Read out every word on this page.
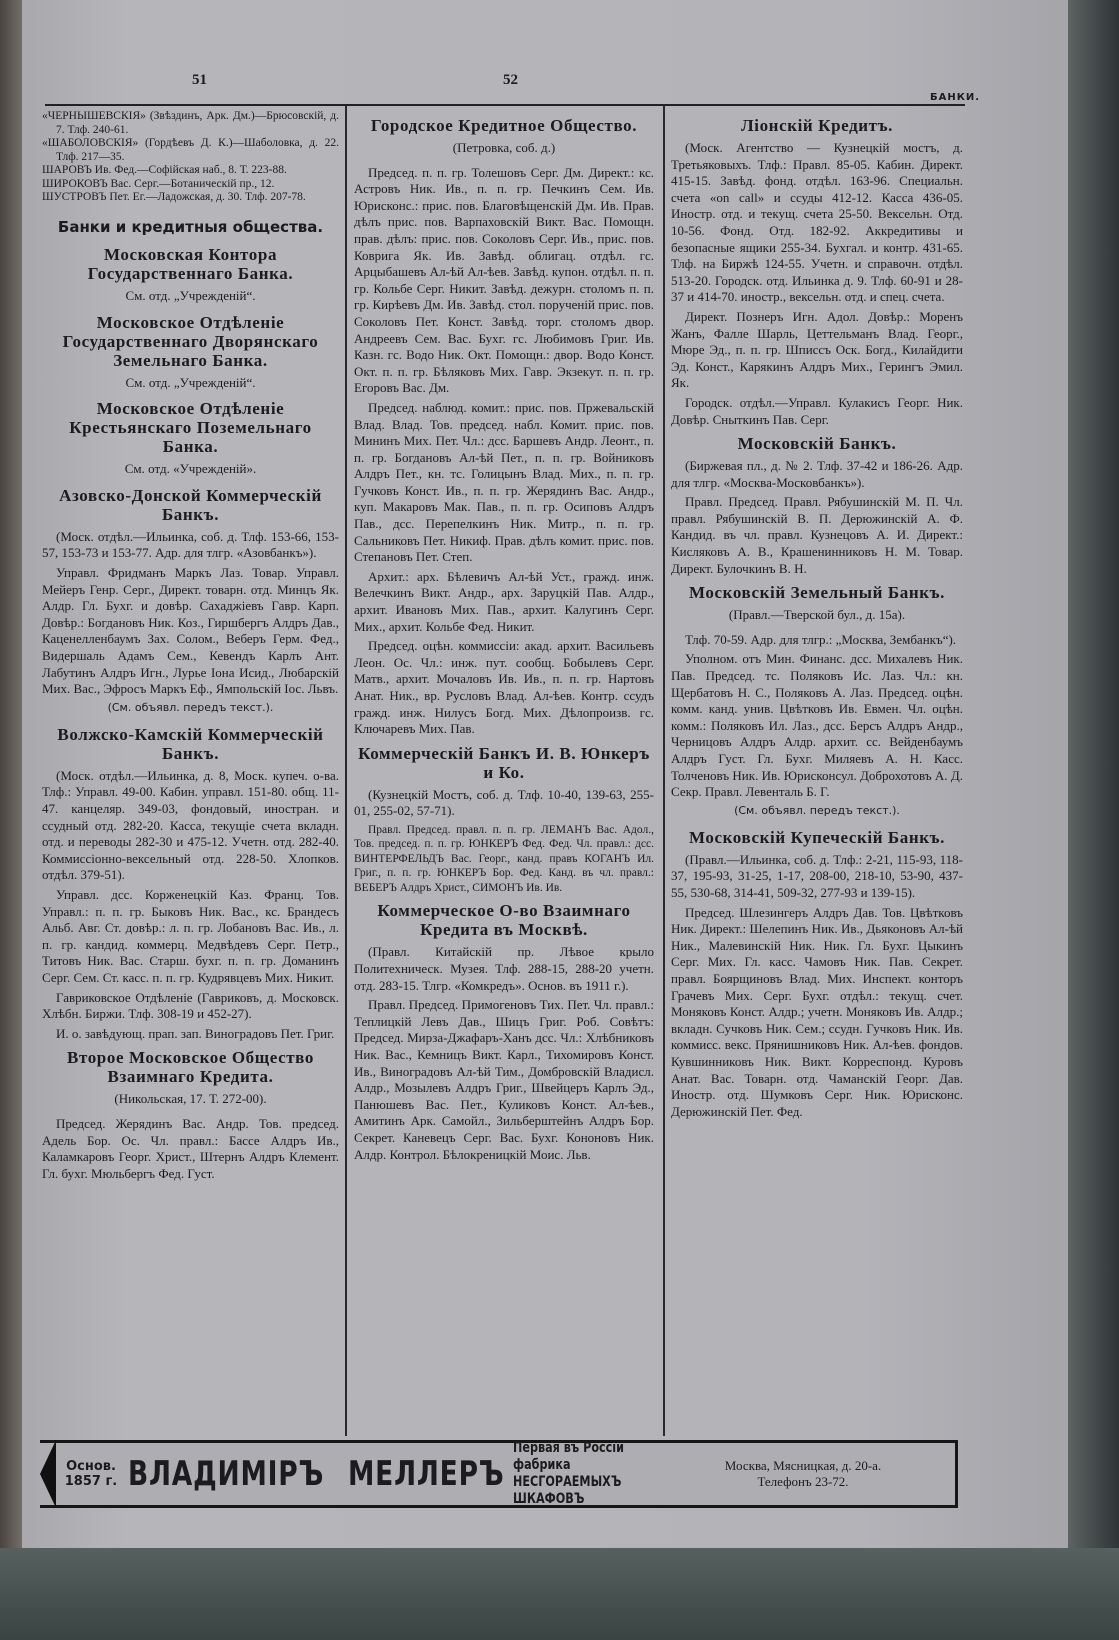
51	52
БАНКИ.

«ЧЕРНЫШЕВСКІЯ» (Звѣздинъ, Арк. Дм.)—Брюсовскій, д. 7. Тлф. 240-61.

«ШАБОЛОВСКІЯ» (Гордѣевъ Д. К.)—Шаболовка, д. 22. Тлф. 217—35.

ШАРОВЪ Ив. Фед.—Софійская наб., 8. Т. 223-88.

ШИРОКОВЪ Вас. Серг.—Ботаническій пр., 12.

ШУСТРОВЪ Пет. Ег.—Ладожская, д. 30. Тлф. 207-78.

Банки и кредитныя общества.
Московская Контора Государственнаго Банка.

См. отд. „Учрежденій“.

Московское Отдѣленіе Государственнаго Дворянскаго Земельнаго Банка.

См. отд. „Учрежденій“.

Московское Отдѣленіе Крестьянскаго Поземельнаго Банка.

См. отд. «Учрежденій».

Азовско-Донской Коммерческій Банкъ.

(Моск. отдѣл.—Ильинка, соб. д. Тлф. 153-66, 153-57, 153-73 и 153-77. Адр. для тлгр. «Азовбанкъ»).

Управл. Фридманъ Маркъ Лаз. Товар. Управл. Мейеръ Генр. Серг., Директ. товарн. отд. Минцъ Як. Алдр. Гл. Бухг. и довѣр. Сахаджіевъ Гавр. Карп. Довѣр.: Богдановъ Ник. Коз., Гиршбергъ Алдръ Дав., Каценелленбаумъ Зах. Солом., Веберъ Герм. Фед., Видершаль Адамъ Сем., Кевендъ Карлъ Ант. Лабутинъ Алдръ Игн., Лурье Іона Исид., Любарскій Мих. Вас., Эфросъ Маркъ Еф., Ямпольскій Іос. Львъ.

(См. объявл. передъ текст.).

Волжско-Камскій Коммерческій Банкъ.

(Моск. отдѣл.—Ильинка, д. 8, Моск. купеч. о-ва. Тлф.: Управл. 49-00. Кабин. управл. 151-80. общ. 11-47. канцеляр. 349-03, фондовый, иностран. и ссудный отд. 282-20. Касса, текущіе счета вкладн. отд. и переводы 282-30 и 475-12. Учетн. отд. 282-40. Коммиссіонно-вексельный отд. 228-50. Хлопков. отдѣл. 379-51).

Управл. дсс. Корженецкій Каз. Франц. Тов. Управл.: п. п. гр. Быковъ Ник. Вас., кс. Брандесъ Альб. Авг. Ст. довѣр.: л. п. гр. Лобановъ Вас. Ив., л. п. гр. кандид. коммерц. Медвѣдевъ Серг. Петр., Титовъ Ник. Вас. Старш. бухг. п. п. гр. Доманинъ Серг. Сем. Ст. касс. п. п. гр. Кудрявцевъ Мих. Никит.

Гавриковское Отдѣленіе (Гавриковъ, д. Московск. Хлѣбн. Биржи. Тлф. 308-19 и 452-27).

И. о. завѣдующ. прап. зап. Виноградовъ Пет. Григ.

Второе Московское Общество Взаимнаго Кредита.

(Никольская, 17. Т. 272-00).

Председ. Жерядинъ Вас. Андр. Тов. председ. Адель Бор. Ос. Чл. правл.: Бассе Алдръ Ив., Каламкаровъ Георг. Христ., Штернъ Алдръ Клемент. Гл. бухг. Мюльбергъ Фед. Густ.

Городское Кредитное Общество.

(Петровка, соб. д.)

Председ. п. п. гр. Толешовъ Серг. Дм. Директ.: кс. Астровъ Ник. Ив., п. п. гр. Печкинъ Сем. Ив. Юрисконс.: прис. пов. Благовѣщенскій Дм. Ив. Прав. дѣлъ прис. пов. Варпаховскій Викт. Вас. Помощн. прав. дѣлъ: прис. пов. Соколовъ Серг. Ив., прис. пов. Коврига Як. Ив. Завѣд. облигац. отдѣл. гс. Арцыбашевъ Ал-ѣй Ал-ѣев. Завѣд. купон. отдѣл. п. п. гр. Кольбе Серг. Никит. Завѣд. дежурн. столомъ п. п. гр. Кирѣевъ Дм. Ив. Завѣд. стол. порученій прис. пов. Соколовъ Пет. Конст. Завѣд. торг. столомъ двор. Андреевъ Сем. Вас. Бухг. гс. Любимовъ Григ. Ив. Казн. гс. Водо Ник. Окт. Помощн.: двор. Водо Конст. Окт. п. п. гр. Бѣляковъ Мих. Гавр. Экзекут. п. п. гр. Егоровъ Вас. Дм.

Председ. наблюд. комит.: прис. пов. Пржевальскій Влад. Влад. Тов. председ. набл. Комит. прис. пов. Мининъ Мих. Пет. Чл.: дсс. Баршевъ Андр. Леонт., п. п. гр. Богдановъ Ал-ѣй Пет., п. п. гр. Войниковъ Алдръ Пет., кн. тс. Голицынъ Влад. Мих., п. п. гр. Гучковъ Конст. Ив., п. п. гр. Жерядинъ Вас. Андр., куп. Макаровъ Мак. Пав., п. п. гр. Осиповъ Алдръ Пав., дсс. Перепелкинъ Ник. Митр., п. п. гр. Сальниковъ Пет. Никиф. Прав. дѣлъ комит. прис. пов. Степановъ Пет. Степ.

Архит.: арх. Бѣлевичъ Ал-ѣй Уст., гражд. инж. Велечкинъ Викт. Андр., арх. Заруцкій Пав. Алдр., архит. Ивановъ Мих. Пав., архит. Калугинъ Серг. Мих., архит. Кольбе Фед. Никит.

Председ. оцѣн. коммиссіи: акад. архит. Васильевъ Леон. Ос. Чл.: инж. пут. сообщ. Бобылевъ Серг. Матв., архит. Мочаловъ Ив. Ив., п. п. гр. Нартовъ Анат. Ник., вр. Русловъ Влад. Ал-ѣев. Контр. ссудъ гражд. инж. Нилусъ Богд. Мих. Дѣлопроизв. гс. Ключаревъ Мих. Пав.

Коммерческій Банкъ И. В. Юнкеръ и Ко.

(Кузнецкій Мостъ, соб. д. Тлф. 10-40, 139-63, 255-01, 255-02, 57-71).

Правл. Председ. правл. п. п. гр. ЛЕМАНЪ Вас. Адол., Тов. председ. п. п. гр. ЮНКЕРЪ Фед. Фед. Чл. правл.: дсс. ВИНТЕРФЕЛЬДЪ Вас. Георг., канд. правъ КОГАНЪ Ил. Григ., п. п. гр. ЮНКЕРЪ Бор. Фед. Канд. въ чл. правл.: ВЕБЕРЪ Алдръ Христ., СИМОНЪ Ив. Ив.

Коммерческое О-во Взаимнаго Кредита въ Москвѣ.

(Правл. Китайскій пр. Лѣвое крыло Политехническ. Музея. Тлф. 288-15, 288-20 учетн. отд. 283-15. Тлгр. «Комкредъ». Основ. въ 1911 г.).

Правл. Председ. Примогеновъ Тих. Пет. Чл. правл.: Теплицкій Левъ Дав., Шицъ Григ. Роб. Совѣтъ: Председ. Мирза-Джафаръ-Ханъ дсс. Чл.: Хлѣбниковъ Ник. Вас., Кемницъ Викт. Карл., Тихомировъ Конст. Ив., Виноградовъ Ал-ѣй Тим., Домбровскій Владисл. Алдр., Мозылевъ Алдръ Григ., Швейцеръ Карлъ Эд., Панюшевъ Вас. Пет., Куликовъ Конст. Ал-ѣев., Амитинъ Арк. Самойл., Зильберштейнъ Алдръ Бор. Секрет. Каневецъ Серг. Вас. Бухг. Кононовъ Ник. Алдр. Контрол. Бѣлокреницкій Моис. Льв.

Ліонскій Кредитъ.

(Моск. Агентство — Кузнецкій мостъ, д. Третьяковыхъ. Тлф.: Правл. 85-05. Кабин. Директ. 415-15. Завѣд. фонд. отдѣл. 163-96. Специальн. счета «on call» и ссуды 412-12. Касса 436-05. Иностр. отд. и текущ. счета 25-50. Вексельн. Отд. 10-56. Фонд. Отд. 182-92. Аккредитивы и безопасные ящики 255-34. Бухгал. и контр. 431-65. Тлф. на Биржѣ 124-55. Учетн. и справочн. отдѣл. 513-20. Городск. отд. Ильинка д. 9. Тлф. 60-91 и 28-37 и 414-70. иностр., вексельн. отд. и спец. счета.

Директ. Познеръ Игн. Адол. Довѣр.: Моренъ Жанъ, Фалле Шарль, Цеттельманъ Влад. Георг., Мюре Эд., п. п. гр. Шписсъ Оск. Богд., Килайдити Эд. Конст., Карякинъ Алдръ Мих., Герингъ Эмил. Як.

Городск. отдѣл.—Управл. Кулакисъ Георг. Ник. Довѣр. Сныткинъ Пав. Серг.

Московскій Банкъ.

(Биржевая пл., д. № 2. Тлф. 37-42 и 186-26. Адр. для тлгр. «Москва-Московбанкъ»).

Правл. Председ. Правл. Рябушинскій М. П. Чл. правл. Рябушинскій В. П. Дерюжинскій А. Ф. Кандид. въ чл. правл. Кузнецовъ А. И. Директ.: Кисляковъ А. В., Крашенинниковъ Н. М. Товар. Директ. Булочкинъ В. Н.

Московскій Земельный Банкъ.

(Правл.—Тверской бул., д. 15а).

Тлф. 70-59. Адр. для тлгр.: „Москва, Зембанкъ“).

Уполном. отъ Мин. Финанс. дсс. Михалевъ Ник. Пав. Председ. тс. Поляковъ Ис. Лаз. Чл.: кн. Щербатовъ Н. С., Поляковъ А. Лаз. Председ. оцѣн. комм. канд. унив. Цвѣтковъ Ив. Евмен. Чл. оцѣн. комм.: Поляковъ Ил. Лаз., дсс. Берсъ Алдръ Андр., Черницовъ Алдръ Алдр. архит. сс. Вейденбаумъ Алдръ Густ. Гл. Бухг. Миляевъ А. Н. Касс. Толченовъ Ник. Ив. Юрисконсул. Доброхотовъ А. Д. Секр. Правл. Левенталь Б. Г.

(См. объявл. передъ текст.).

Московскій Купеческій Банкъ.

(Правл.—Ильинка, соб. д. Тлф.: 2-21, 115-93, 118-37, 195-93, 31-25, 1-17, 208-00, 218-10, 53-90, 437-55, 530-68, 314-41, 509-32, 277-93 и 139-15).

Председ. Шлезингеръ Алдръ Дав. Тов. Цвѣтковъ Ник. Директ.: Шелепинъ Ник. Ив., Дьяконовъ Ал-ѣй Ник., Малевинскій Ник. Ник. Гл. Бухг. Цыкинъ Серг. Мих. Гл. касс. Чамовъ Ник. Пав. Секрет. правл. Боярщиновъ Влад. Мих. Инспект. конторъ Грачевъ Мих. Серг. Бухг. отдѣл.: текущ. счет. Моняковъ Конст. Алдр.; учетн. Моняковъ Ив. Алдр.; вкладн. Сучковъ Ник. Сем.; ссудн. Гучковъ Ник. Ив. коммисс. векс. Прянишниковъ Ник. Ал-ѣев. фондов. Кувшинниковъ Ник. Викт. Корреспонд. Куровъ Анат. Вас. Товарн. отд. Чаманскій Георг. Дав. Иностр. отд. Шумковъ Серг. Ник. Юрисконс. Дерюжинскій Пет. Фед.

Основ. 1857 г. ВЛАДИМІРЪ МЕЛЛЕРЪ
Первая въ Россіи фабрика
НЕСГОРАЕМЫХЪ ШКАФОВЪ
Москва, Мясницкая, д. 20-а.
Телефонъ 23-72.
